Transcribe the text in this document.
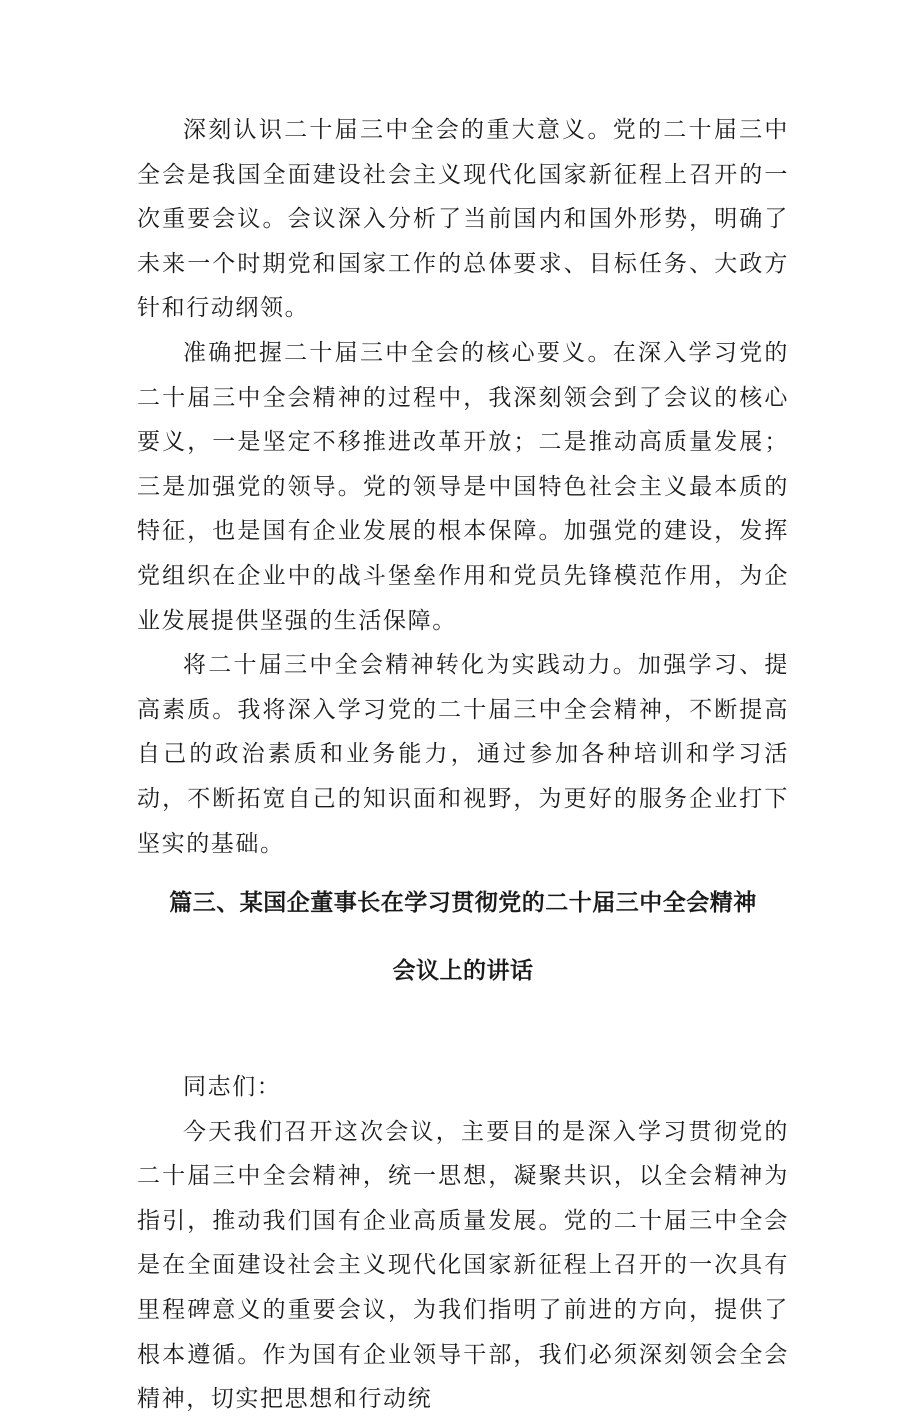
深刻认识二十届三中全会的重大意义。党的二十届三中全会是我国全面建设社会主义现代化国家新征程上召开的一次重要会议。会议深入分析了当前国内和国外形势，明确了未来一个时期党和国家工作的总体要求、目标任务、大政方针和行动纲领。

准确把握二十届三中全会的核心要义。在深入学习党的二十届三中全会精神的过程中，我深刻领会到了会议的核心要义，一是坚定不移推进改革开放；二是推动高质量发展；三是加强党的领导。党的领导是中国特色社会主义最本质的特征，也是国有企业发展的根本保障。加强党的建设，发挥党组织在企业中的战斗堡垒作用和党员先锋模范作用，为企业发展提供坚强的生活保障。

将二十届三中全会精神转化为实践动力。加强学习、提高素质。我将深入学习党的二十届三中全会精神，不断提高自己的政治素质和业务能力，通过参加各种培训和学习活动，不断拓宽自己的知识面和视野，为更好的服务企业打下坚实的基础。

篇三、某国企董事长在学习贯彻党的二十届三中全会精神
会议上的讲话

同志们：

今天我们召开这次会议，主要目的是深入学习贯彻党的二十届三中全会精神，统一思想，凝聚共识，以全会精神为指引，推动我们国有企业高质量发展。党的二十届三中全会是在全面建设社会主义现代化国家新征程上召开的一次具有里程碑意义的重要会议，为我们指明了前进的方向，提供了根本遵循。作为国有企业领导干部，我们必须深刻领会全会精神，切实把思想和行动统
